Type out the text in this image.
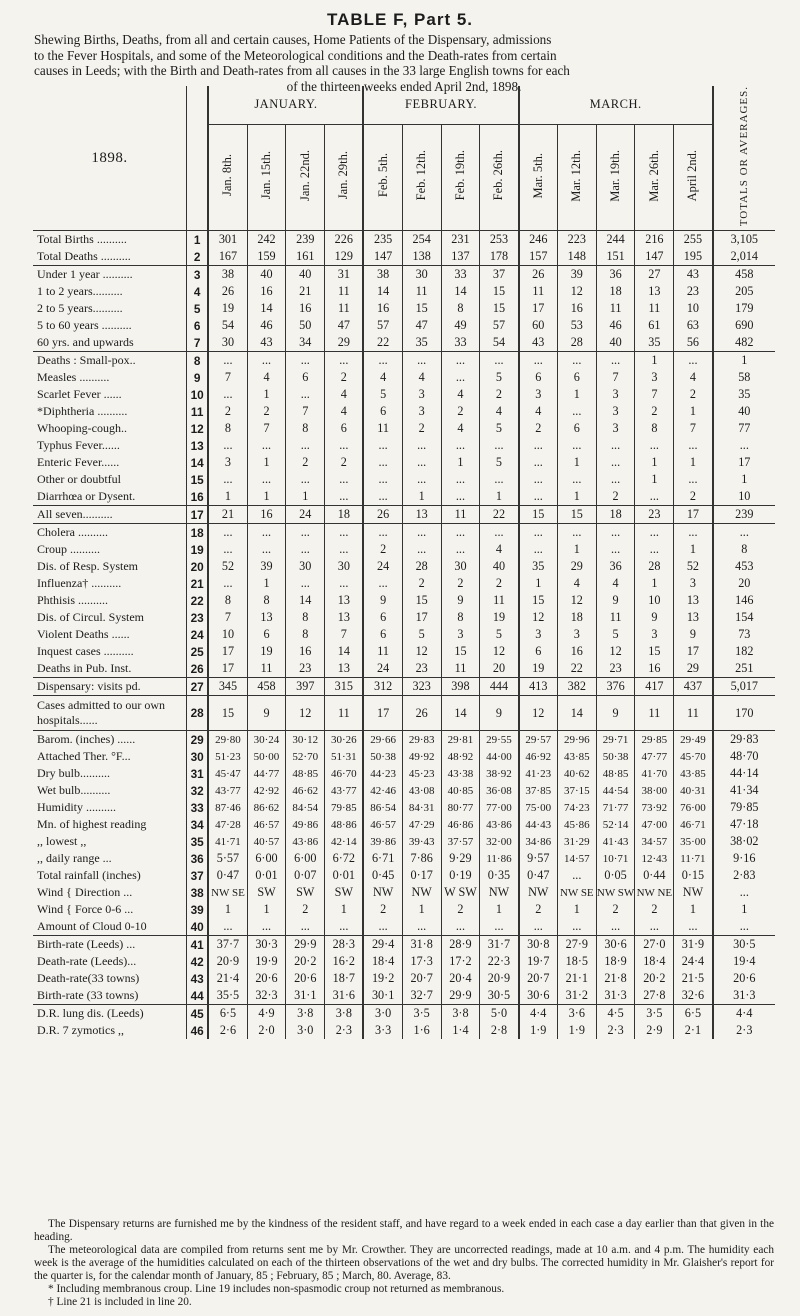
TABLE F, Part 5.
Shewing Births, Deaths, from all and certain causes, Home Patients of the Dispensary, admissions
to the Fever Hospitals, and some of the Meteorological conditions and the Death-rates from certain
causes in Leeds; with the Birth and Death-rates from all causes in the 33 large English towns for each
of the thirteen weeks ended April 2nd, 1898.
1898.		JANUARY.				FEBRUARY.				MARCH.					TOTALS OR AVERAGES.
		Jan. 8th.	Jan. 15th.	Jan. 22nd.	Jan. 29th.	Feb. 5th.	Feb. 12th.	Feb. 19th.	Feb. 26th.	Mar. 5th.	Mar. 12th.	Mar. 19th.	Mar. 26th.	April 2nd.	
Total Births ..........	1	301	242	239	226	235	254	231	253	246	223	244	216	255	3,105
Total Deaths ..........	2	167	159	161	129	147	138	137	178	157	148	151	147	195	2,014
Under 1 year ..........	3	38	40	40	31	38	30	33	37	26	39	36	27	43	458
1 to 2 years..........	4	26	16	21	11	14	11	14	15	11	12	18	13	23	205
2 to 5 years..........	5	19	14	16	11	16	15	8	15	17	16	11	11	10	179
5 to 60 years ..........	6	54	46	50	47	57	47	49	57	60	53	46	61	63	690
60 yrs. and upwards	7	30	43	34	29	22	35	33	54	43	28	40	35	56	482
Deaths : Small-pox..	8	...	...	...	...	...	...	...	...	...	...	...	1	...	1
Measles ..........	9	7	4	6	2	4	4	...	5	6	6	7	3	4	58
Scarlet Fever ......	10	...	1	...	4	5	3	4	2	3	1	3	7	2	35
*Diphtheria ..........	11	2	2	7	4	6	3	2	4	4	...	3	2	1	40
Whooping-cough..	12	8	7	8	6	11	2	4	5	2	6	3	8	7	77
Typhus Fever......	13	...	...	...	...	...	...	...	...	...	...	...	...	...	...
Enteric Fever......	14	3	1	2	2	...	...	1	5	...	1	...	1	1	17
Other or doubtful	15	...	...	...	...	...	...	...	...	...	...	...	1	...	1
Diarrhœa or Dysent.	16	1	1	1	...	...	1	...	1	...	1	2	...	2	10
All seven..........	17	21	16	24	18	26	13	11	22	15	15	18	23	17	239
Cholera ..........	18	...	...	...	...	...	...	...	...	...	...	...	...	...	...
Croup ..........	19	...	...	...	...	2	...	...	4	...	1	...	...	1	8
Dis. of Resp. System	20	52	39	30	30	24	28	30	40	35	29	36	28	52	453
Influenza† ..........	21	...	1	...	...	...	2	2	2	1	4	4	1	3	20
Phthisis ..........	22	8	8	14	13	9	15	9	11	15	12	9	10	13	146
Dis. of Circul. System	23	7	13	8	13	6	17	8	19	12	18	11	9	13	154
Violent Deaths ......	24	10	6	8	7	6	5	3	5	3	3	5	3	9	73
Inquest cases ..........	25	17	19	16	14	11	12	15	12	6	16	12	15	17	182
Deaths in Pub. Inst.	26	17	11	23	13	24	23	11	20	19	22	23	16	29	251
Dispensary: visits pd.	27	345	458	397	315	312	323	398	444	413	382	376	417	437	5,017
Cases admitted to our own hospitals......	28	15	9	12	11	17	26	14	9	12	14	9	11	11	170
Barom. (inches) ......	29	29·80	30·24	30·12	30·26	29·66	29·83	29·81	29·55	29·57	29·96	29·71	29·85	29·49	29·83
Attached Ther. °F...	30	51·23	50·00	52·70	51·31	50·38	49·92	48·92	44·00	46·92	43·85	50·38	47·77	45·70	48·70
Dry bulb..........	31	45·47	44·77	48·85	46·70	44·23	45·23	43·38	38·92	41·23	40·62	48·85	41·70	43·85	44·14
Wet bulb..........	32	43·77	42·92	46·62	43·77	42·46	43·08	40·85	36·08	37·85	37·15	44·54	38·00	40·31	41·34
Humidity ..........	33	87·46	86·62	84·54	79·85	86·54	84·31	80·77	77·00	75·00	74·23	71·77	73·92	76·00	79·85
Mn. of highest reading	34	47·28	46·57	49·86	48·86	46·57	47·29	46·86	43·86	44·43	45·86	52·14	47·00	46·71	47·18
,, lowest ,,	35	41·71	40·57	43·86	42·14	39·86	39·43	37·57	32·00	34·86	31·29	41·43	34·57	35·00	38·02
,, daily range ...	36	5·57	6·00	6·00	6·72	6·71	7·86	9·29	11·86	9·57	14·57	10·71	12·43	11·71	9·16
Total rainfall (inches)	37	0·47	0·01	0·07	0·01	0·45	0·17	0·19	0·35	0·47	...	0·05	0·44	0·15	2·83
Wind { Direction ...	38	NW SE	SW	SW	SW	NW	NW	W SW	NW	NW	NW SE	NW SW	NW NE	NW	...
Wind { Force 0-6 ...	39	1	1	2	1	2	1	2	1	2	1	2	2	1	1
Amount of Cloud 0-10	40	...	...	...	...	...	...	...	...	...	...	...	...	...	...
Birth-rate (Leeds) ...	41	37·7	30·3	29·9	28·3	29·4	31·8	28·9	31·7	30·8	27·9	30·6	27·0	31·9	30·5
Death-rate (Leeds)...	42	20·9	19·9	20·2	16·2	18·4	17·3	17·2	22·3	19·7	18·5	18·9	18·4	24·4	19·4
Death-rate(33 towns)	43	21·4	20·6	20·6	18·7	19·2	20·7	20·4	20·9	20·7	21·1	21·8	20·2	21·5	20·6
Birth-rate (33 towns)	44	35·5	32·3	31·1	31·6	30·1	32·7	29·9	30·5	30·6	31·2	31·3	27·8	32·6	31·3
D.R. lung dis. (Leeds)	45	6·5	4·9	3·8	3·8	3·0	3·5	3·8	5·0	4·4	3·6	4·5	3·5	6·5	4·4
D.R. 7 zymotics ,,	46	2·6	2·0	3·0	2·3	3·3	1·6	1·4	2·8	1·9	1·9	2·3	2·9	2·1	2·3

The Dispensary returns are furnished me by the kindness of the resident staff, and have regard to a week ended in each case a day earlier than that given in the heading.

The meteorological data are compiled from returns sent me by Mr. Crowther. They are uncorrected readings, made at 10 a.m. and 4 p.m. The humidity each week is the average of the humidities calculated on each of the thirteen observations of the wet and dry bulbs. The corrected humidity in Mr. Glaisher's report for the quarter is, for the calendar month of January, 85 ; February, 85 ; March, 80. Average, 83.

* Including membranous croup. Line 19 includes non-spasmodic croup not returned as membranous.

† Line 21 is included in line 20.
